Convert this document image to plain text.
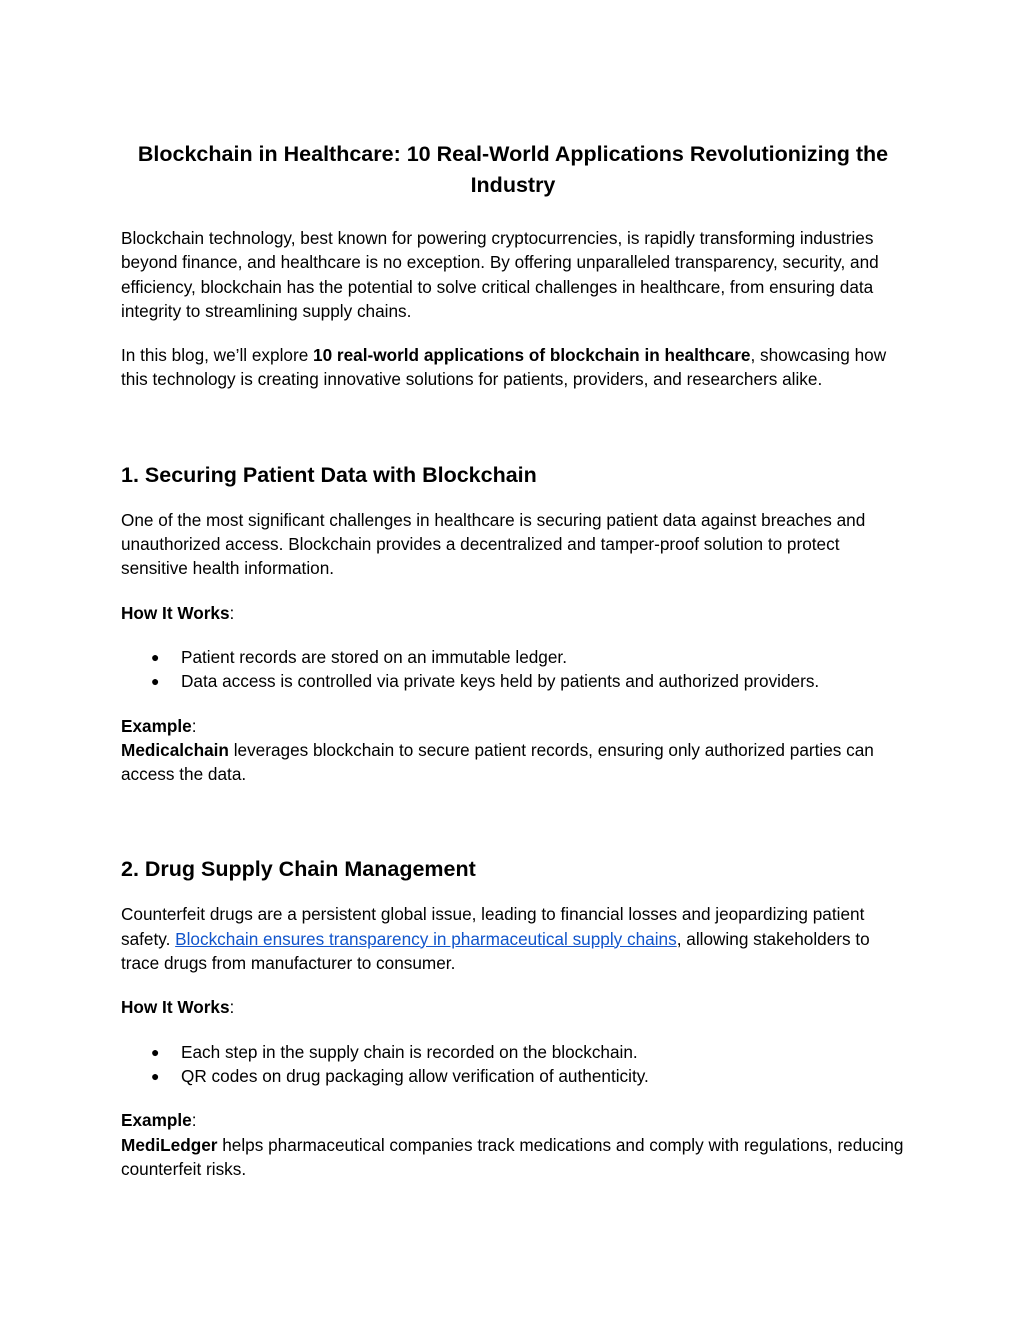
Blockchain in Healthcare: 10 Real-World Applications Revolutionizing the Industry

Blockchain technology, best known for powering cryptocurrencies, is rapidly transforming industries beyond finance, and healthcare is no exception. By offering unparalleled transparency, security, and efficiency, blockchain has the potential to solve critical challenges in healthcare, from ensuring data integrity to streamlining supply chains.

In this blog, we’ll explore 10 real-world applications of blockchain in healthcare, showcasing how this technology is creating innovative solutions for patients, providers, and researchers alike.

1. Securing Patient Data with Blockchain

One of the most significant challenges in healthcare is securing patient data against breaches and unauthorized access. Blockchain provides a decentralized and tamper-proof solution to protect sensitive health information.

How It Works:

● Patient records are stored on an immutable ledger.
● Data access is controlled via private keys held by patients and authorized providers.

Example:

Medicalchain leverages blockchain to secure patient records, ensuring only authorized parties can access the data.

2. Drug Supply Chain Management

Counterfeit drugs are a persistent global issue, leading to financial losses and jeopardizing patient safety. Blockchain ensures transparency in pharmaceutical supply chains, allowing stakeholders to trace drugs from manufacturer to consumer.

How It Works:

● Each step in the supply chain is recorded on the blockchain.
● QR codes on drug packaging allow verification of authenticity.

Example:

MediLedger helps pharmaceutical companies track medications and comply with regulations, reducing counterfeit risks.
